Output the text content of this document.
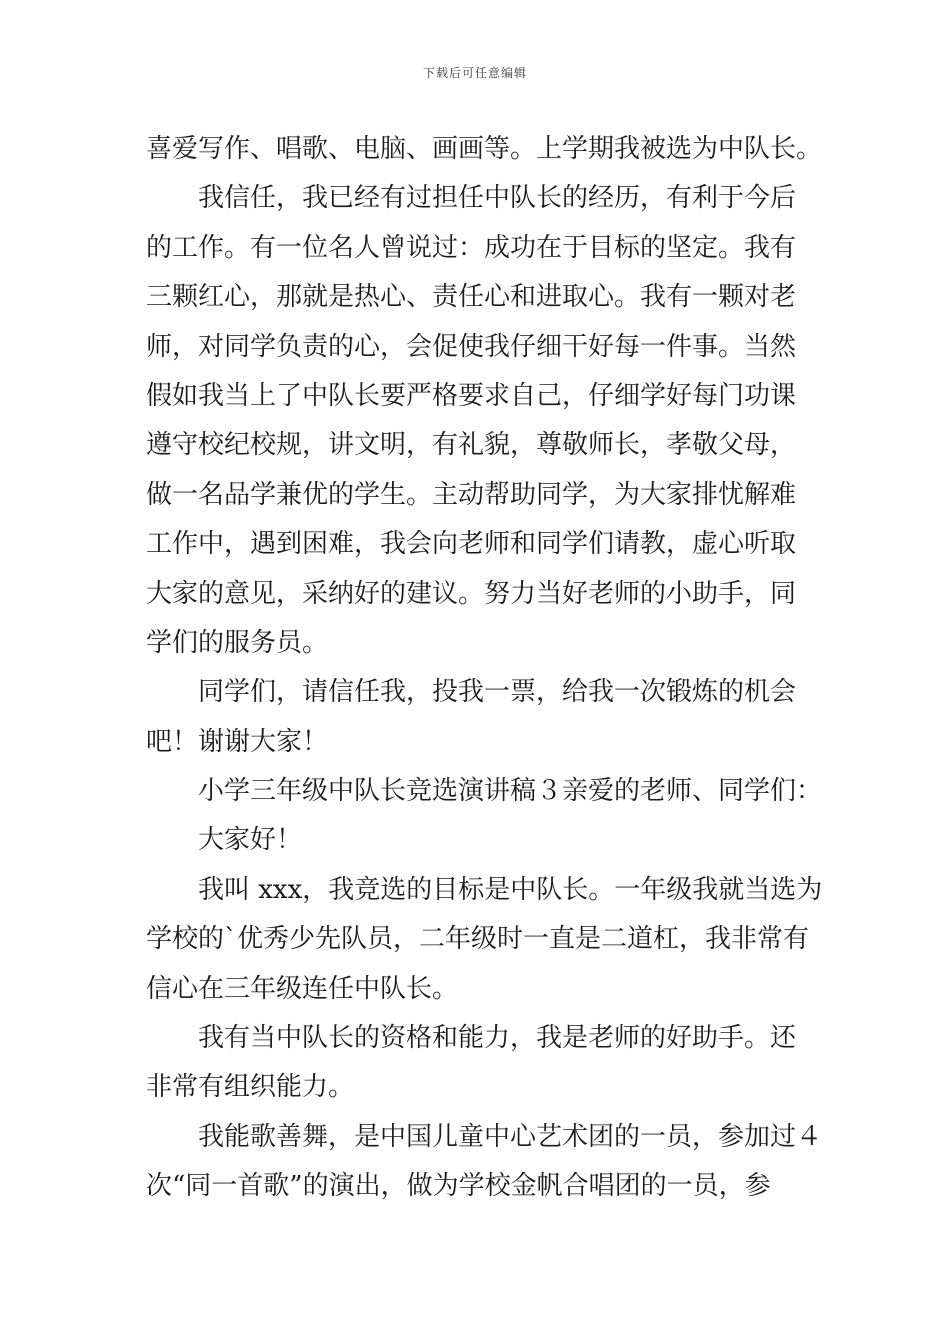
下载后可任意编辑
喜爱写作、唱歌、电脑、画画等。上学期我被选为中队长。
我信任，我已经有过担任中队长的经历，有利于今后
的工作。有一位名人曾说过：成功在于目标的坚定。我有
三颗红心，那就是热心、责任心和进取心。我有一颗对老
师，对同学负责的心，会促使我仔细干好每一件事。当然
假如我当上了中队长要严格要求自己，仔细学好每门功课
遵守校纪校规，讲文明，有礼貌，尊敬师长，孝敬父母，
做一名品学兼优的学生。主动帮助同学，为大家排忧解难
工作中，遇到困难，我会向老师和同学们请教，虚心听取
大家的意见，采纳好的建议。努力当好老师的小助手，同
学们的服务员。
同学们，请信任我，投我一票，给我一次锻炼的机会
吧！谢谢大家！
小学三年级中队长竞选演讲稿３亲爱的老师、同学们：
大家好！
我叫 xxx，我竞选的目标是中队长。一年级我就当选为
学校的`优秀少先队员，二年级时一直是二道杠，我非常有
信心在三年级连任中队长。
我有当中队长的资格和能力，我是老师的好助手。还
非常有组织能力。
我能歌善舞，是中国儿童中心艺术团的一员，参加过４
次“同一首歌”的演出，做为学校金帆合唱团的一员，参
